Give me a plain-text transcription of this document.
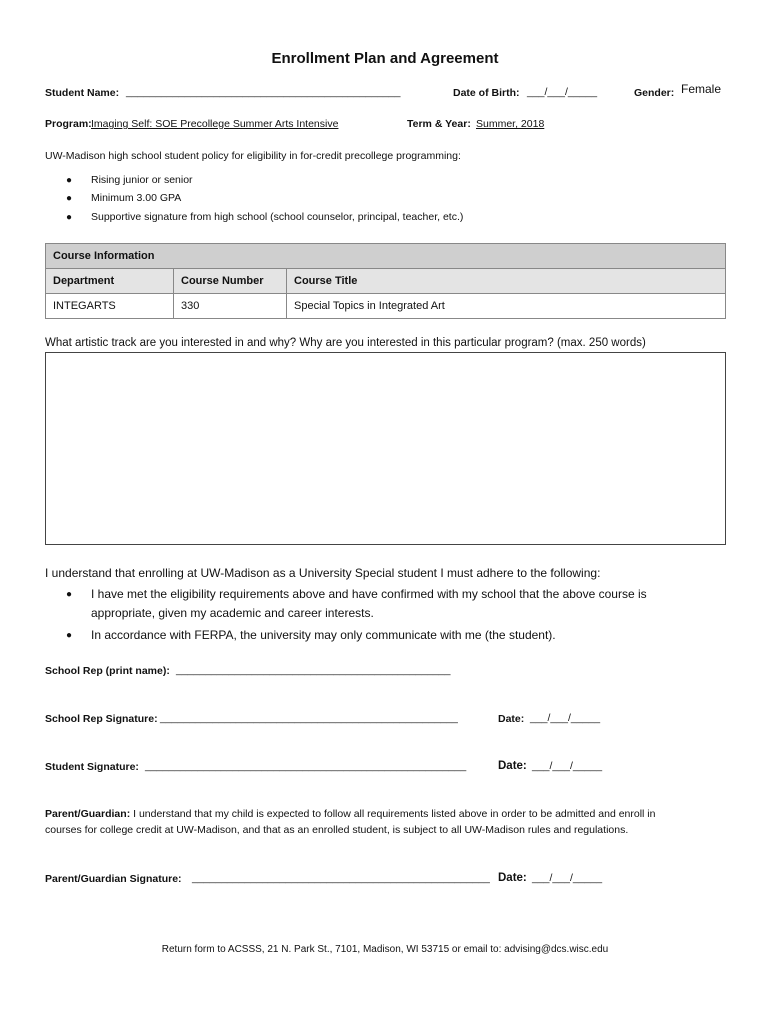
Enrollment Plan and Agreement
Student Name: _______________________________________________	Date of Birth: ___/___/_____	Gender: Female
Program: Imaging Self: SOE Precollege Summer Arts Intensive	Term & Year: Summer, 2018
UW-Madison high school student policy for eligibility in for-credit precollege programming:
● Rising junior or senior
● Minimum 3.00 GPA
● Supportive signature from high school (school counselor, principal, teacher, etc.)
Course Information		
Department	Course Number	Course Title
INTEGARTS	330	Special Topics in Integrated Art
What artistic track are you interested in and why? Why are you interested in this particular program? (max. 250 words)
I understand that enrolling at UW-Madison as a University Special student I must adhere to the following:
● I have met the eligibility requirements above and have confirmed with my school that the above course is
appropriate, given my academic and career interests.
● In accordance with FERPA, the university may only communicate with me (the student).
School Rep (print name): _______________________________________________
School Rep Signature: ___________________________________________________	Date: ___/___/_____
Student Signature: _______________________________________________________	Date: ___/___/_____
Parent/Guardian: I understand that my child is expected to follow all requirements listed above in order to be admitted and enroll in
courses for college credit at UW-Madison, and that as an enrolled student, is subject to all UW-Madison rules and regulations.
Parent/Guardian Signature: ___________________________________________________ Date: ___/___/_____
Return form to ACSSS, 21 N. Park St., 7101, Madison, WI 53715 or email to: advising@dcs.wisc.edu
